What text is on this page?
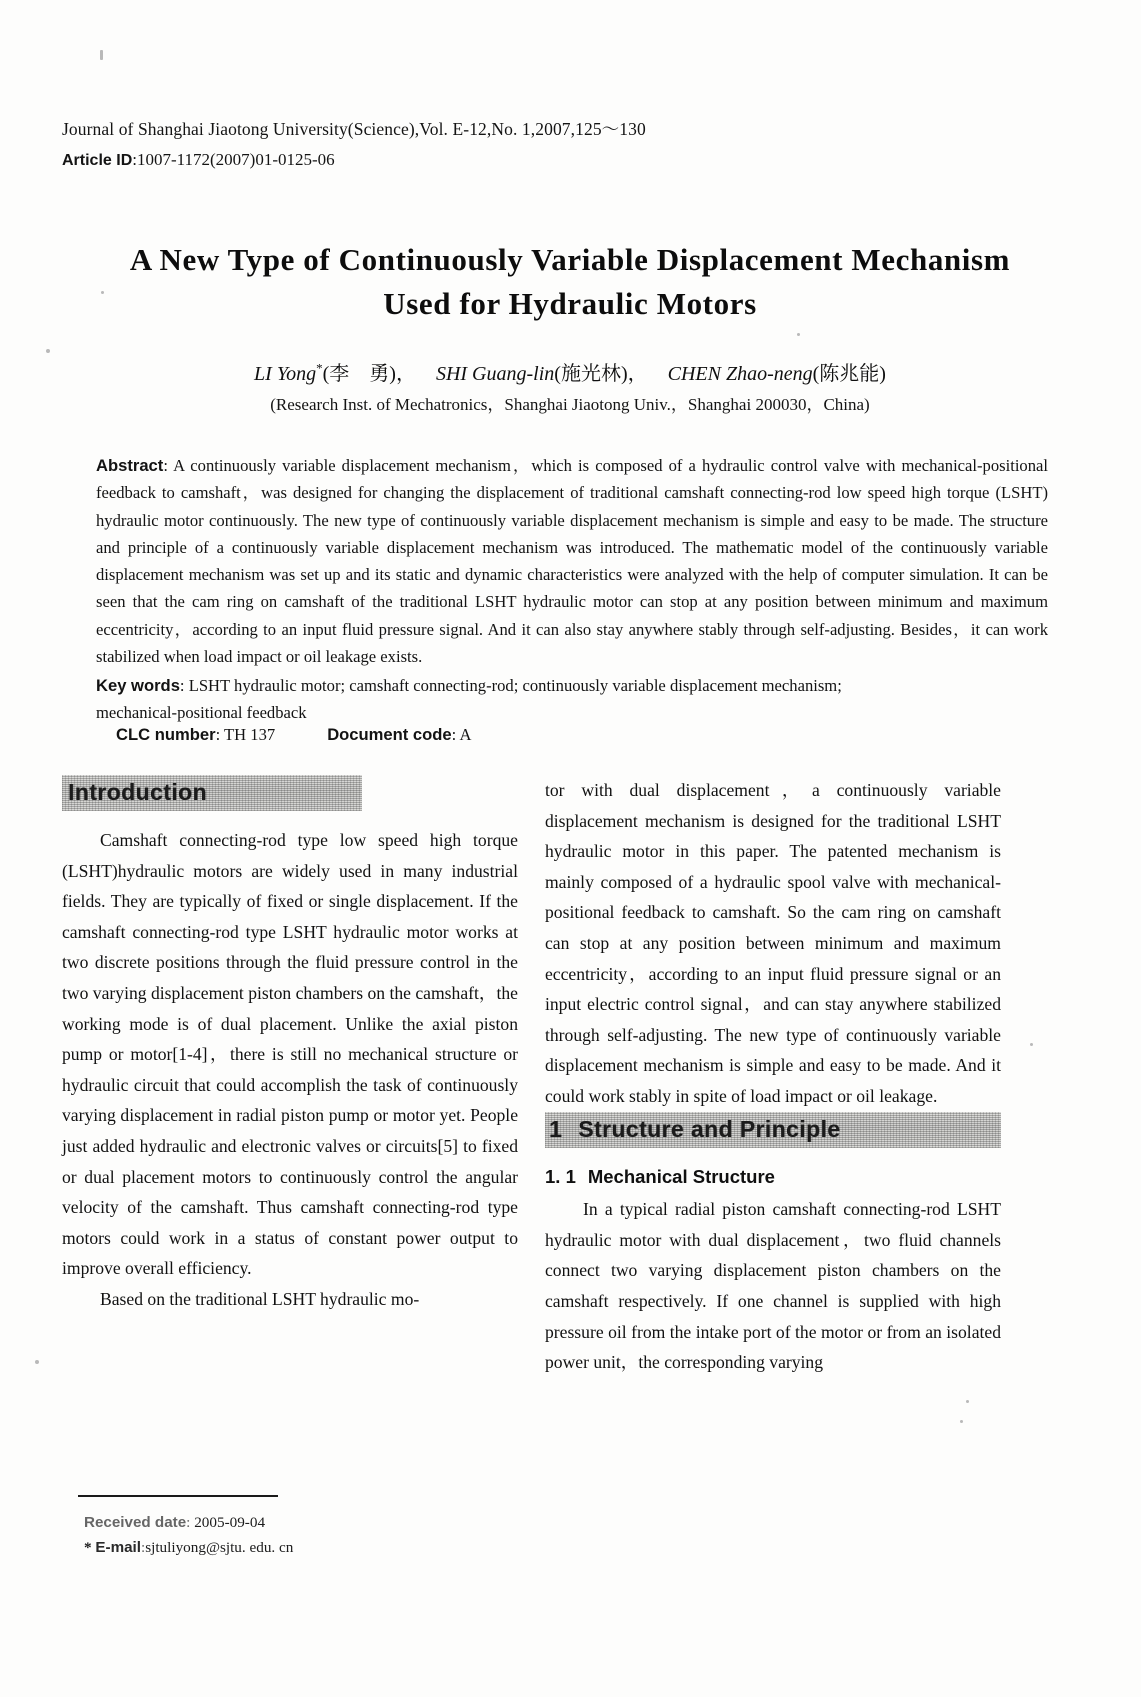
Journal of Shanghai Jiaotong University(Science),Vol. E-12,No. 1,2007,125～130
Article ID:1007-1172(2007)01-0125-06
A New Type of Continuously Variable Displacement Mechanism
Used for Hydraulic Motors
LI Yong*(李　勇)， SHI Guang-lin(施光林)， CHEN Zhao-neng(陈兆能)
(Research Inst. of Mechatronics，Shanghai Jiaotong Univ.，Shanghai 200030，China)
Abstract: A continuously variable displacement mechanism，which is composed of a hydraulic control valve with mechanical-positional feedback to camshaft，was designed for changing the displacement of traditional camshaft connecting-rod low speed high torque (LSHT) hydraulic motor continuously. The new type of continuously variable displacement mechanism is simple and easy to be made. The structure and principle of a continuously variable displacement mechanism was introduced. The mathematic model of the continuously variable displacement mechanism was set up and its static and dynamic characteristics were analyzed with the help of computer simulation. It can be seen that the cam ring on camshaft of the traditional LSHT hydraulic motor can stop at any position between minimum and maximum eccentricity，according to an input fluid pressure signal. And it can also stay anywhere stably through self-adjusting. Besides，it can work stabilized when load impact or oil leakage exists.
Key words: LSHT hydraulic motor; camshaft connecting-rod; continuously variable displacement mechanism;
mechanical-positional feedback
CLC number: TH 137	Document code: A
Introduction

Camshaft connecting-rod type low speed high torque (LSHT)hydraulic motors are widely used in many industrial fields. They are typically of fixed or single displacement. If the camshaft connecting-rod type LSHT hydraulic motor works at two discrete positions through the fluid pressure control in the two varying displacement piston chambers on the camshaft，the working mode is of dual placement. Unlike the axial piston pump or motor[1-4]，there is still no mechanical structure or hydraulic circuit that could accomplish the task of continuously varying displacement in radial piston pump or motor yet. People just added hydraulic and electronic valves or circuits[5] to fixed or dual placement motors to continuously control the angular velocity of the camshaft. Thus camshaft connecting-rod type motors could work in a status of constant power output to improve overall efficiency.

Based on the traditional LSHT hydraulic mo-

tor with dual displacement，a continuously variable displacement mechanism is designed for the traditional LSHT hydraulic motor in this paper. The patented mechanism is mainly composed of a hydraulic spool valve with mechanical-positional feedback to camshaft. So the cam ring on camshaft can stop at any position between minimum and maximum eccentricity，according to an input fluid pressure signal or an input electric control signal，and can stay anywhere stabilized through self-adjusting. The new type of continuously variable displacement mechanism is simple and easy to be made. And it could work stably in spite of load impact or oil leakage.

1 Structure and Principle
1. 1 Mechanical Structure

In a typical radial piston camshaft connecting-rod LSHT hydraulic motor with dual displacement，two fluid channels connect two varying displacement piston chambers on the camshaft respectively. If one channel is supplied with high pressure oil from the intake port of the motor or from an isolated power unit，the corresponding varying

Received date: 2005-09-04
* E-mail:sjtuliyong@sjtu. edu. cn
